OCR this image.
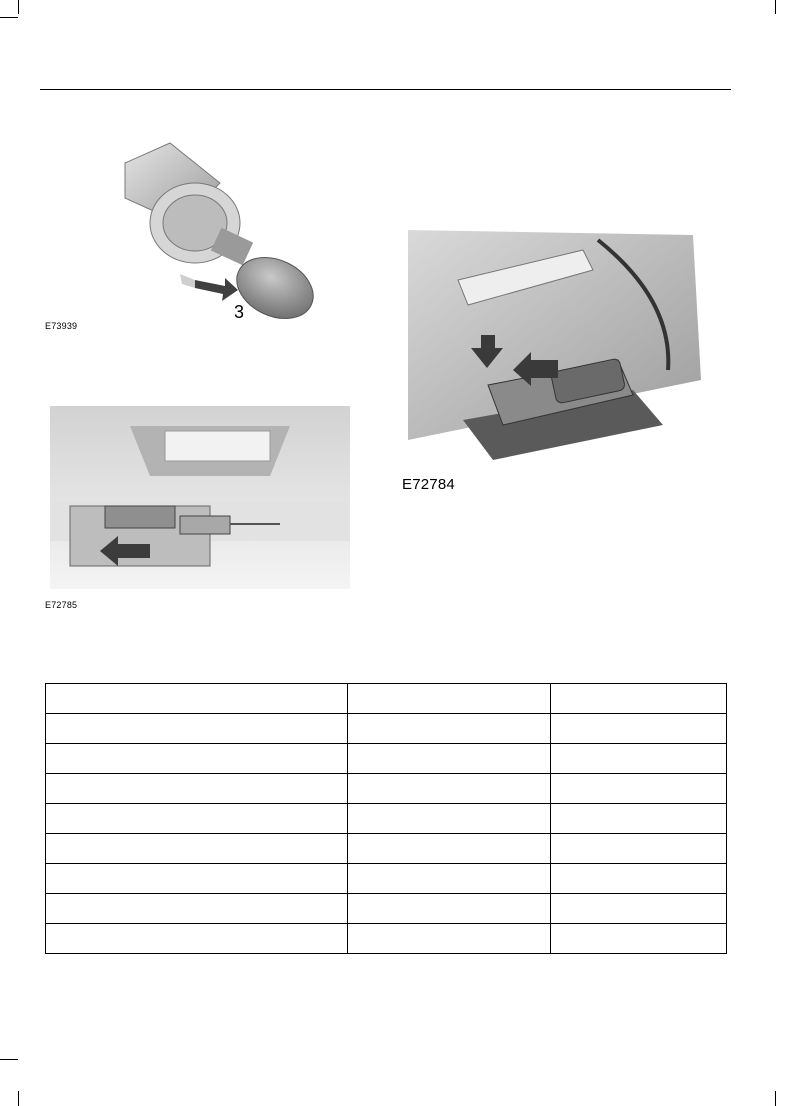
3
E73939
E72785
E72784
